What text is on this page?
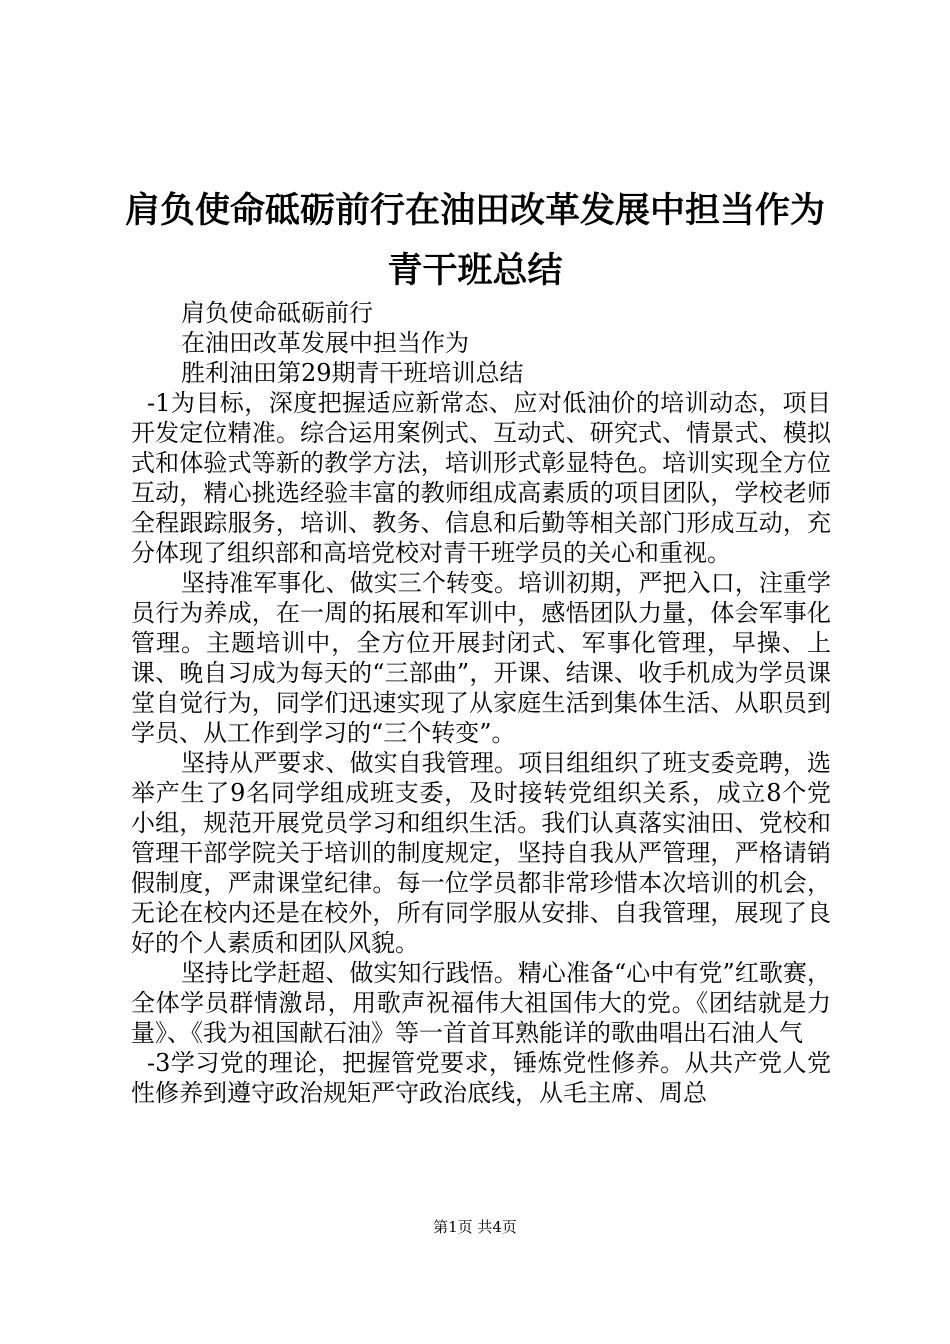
肩负使命砥砺前行在油田改革发展中担当作为
青干班总结

肩负使命砥砺前行

在油田改革发展中担当作为

胜利油田第29期青干班培训总结

-1为目标，深度把握适应新常态、应对低油价的培训动态，项目开发定位精准。综合运用案例式、互动式、研究式、情景式、模拟式和体验式等新的教学方法，培训形式彰显特色。培训实现全方位互动，精心挑选经验丰富的教师组成高素质的项目团队，学校老师全程跟踪服务，培训、教务、信息和后勤等相关部门形成互动，充分体现了组织部和高培党校对青干班学员的关心和重视。

坚持准军事化、做实三个转变。培训初期，严把入口，注重学员行为养成，在一周的拓展和军训中，感悟团队力量，体会军事化管理。主题培训中，全方位开展封闭式、军事化管理，早操、上课、晚自习成为每天的“三部曲”，开课、结课、收手机成为学员课堂自觉行为，同学们迅速实现了从家庭生活到集体生活、从职员到学员、从工作到学习的“三个转变”。

坚持从严要求、做实自我管理。项目组组织了班支委竞聘，选举产生了9名同学组成班支委，及时接转党组织关系，成立8个党小组，规范开展党员学习和组织生活。我们认真落实油田、党校和管理干部学院关于培训的制度规定，坚持自我从严管理，严格请销假制度，严肃课堂纪律。每一位学员都非常珍惜本次培训的机会，无论在校内还是在校外，所有同学服从安排、自我管理，展现了良好的个人素质和团队风貌。

坚持比学赶超、做实知行践悟。精心准备“心中有党”红歌赛，全体学员群情激昂，用歌声祝福伟大祖国伟大的党。《团结就是力量》、《我为祖国献石油》等一首首耳熟能详的歌曲唱出石油人气

-3学习党的理论，把握管党要求，锤炼党性修养。从共产党人党性修养到遵守政治规矩严守政治底线，从毛主席、周总

第1页 共4页
